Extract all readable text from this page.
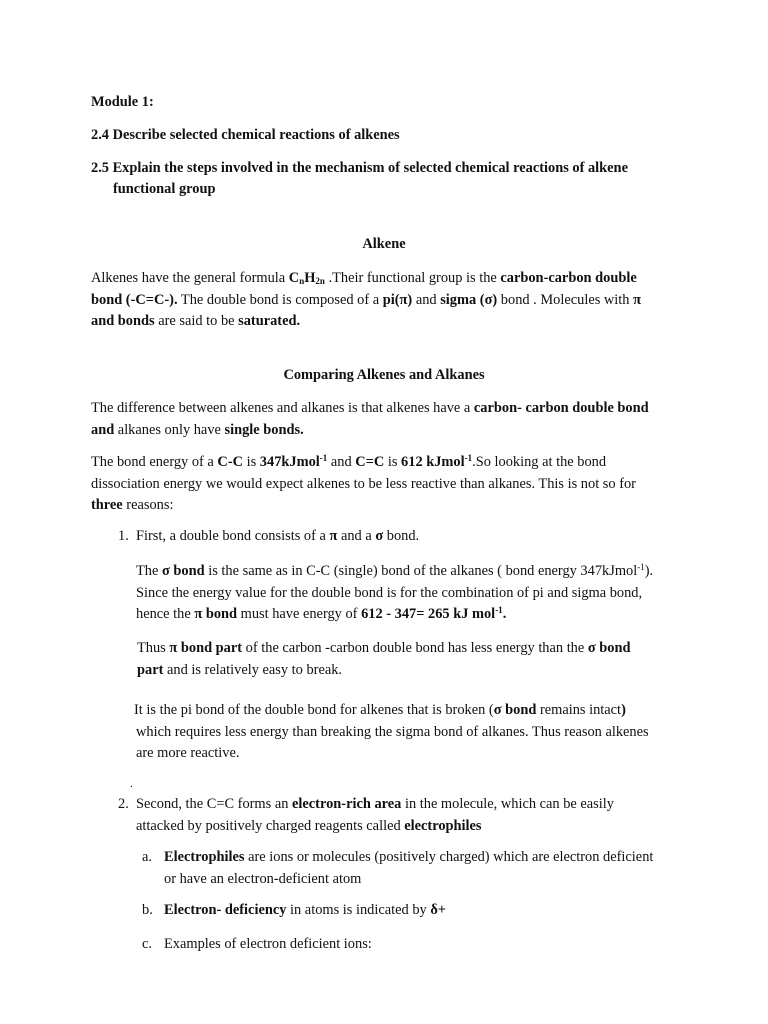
Module 1:

2.4 Describe selected chemical reactions of alkenes

2.5 Explain the steps involved in the mechanism of selected chemical reactions of alkene

functional group

Alkene

Alkenes have the general formula $C_nH_{2n}$ .Their functional group is the carbon-carbon double
bond (-C=C-). The double bond is composed of a pi(π) and sigma (σ) bond . Molecules with π
and bonds are said to be saturated.

Comparing Alkenes and Alkanes

The difference between alkenes and alkanes is that alkenes have a carbon- carbon double bond
and alkanes only have single bonds.
The bond energy of a C-C is 347kJmol$^{-1}$ and C=C is 612 kJmol$^{-1}$.So looking at the bond
dissociation energy we would expect alkenes to be less reactive than alkanes. This is not so for
three reasons:
1. First, a double bond consists of a π and a σ bond.
The σ bond is the same as in C-C (single) bond of the alkanes ( bond energy 347kJmol$^{-1}$).
Since the energy value for the double bond is for the combination of pi and sigma bond,
hence the π bond must have energy of 612 - 347= 265 kJ mol$^{-1}$.
Thus π bond part of the carbon -carbon double bond has less energy than the σ bond
part and is relatively easy to break.
It is the pi bond of the double bond for alkenes that is broken (σ bond remains intact)
which requires less energy than breaking the sigma bond of alkanes. Thus reason alkenes
are more reactive.
.
2. Second, the C=C forms an electron-rich area in the molecule, which can be easily
attacked by positively charged reagents called electrophiles
a. Electrophiles are ions or molecules (positively charged) which are electron deficient
or have an electron-deficient atom
b. Electron- deficiency in atoms is indicated by δ+
c. Examples of electron deficient ions:
